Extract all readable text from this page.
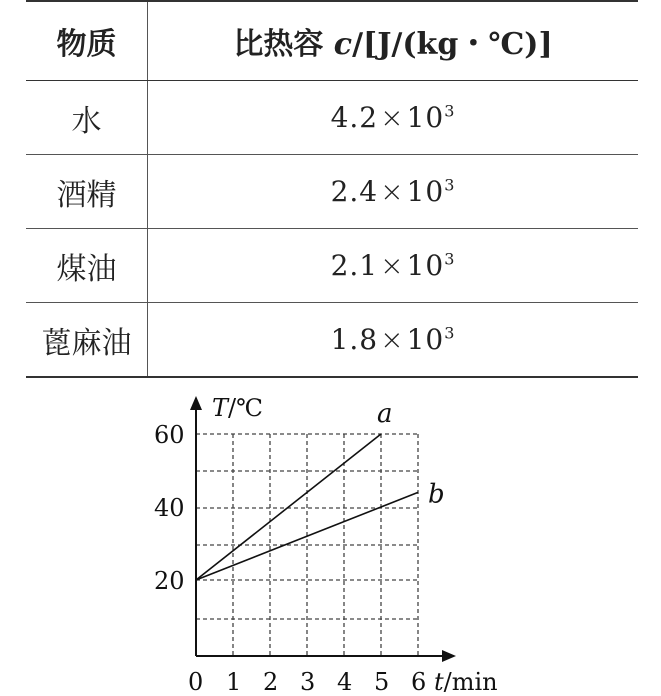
物质	比热容 c/[J/(kg・℃)]
水	$4.2\times 10^3$
酒精	$2.4\times 10^3$
煤油	$2.1\times 10^3$
蓖麻油	$1.8\times 10^3$
a
b
0 1 2 3 4 5 6
20
40
60
T/℃
t/min
